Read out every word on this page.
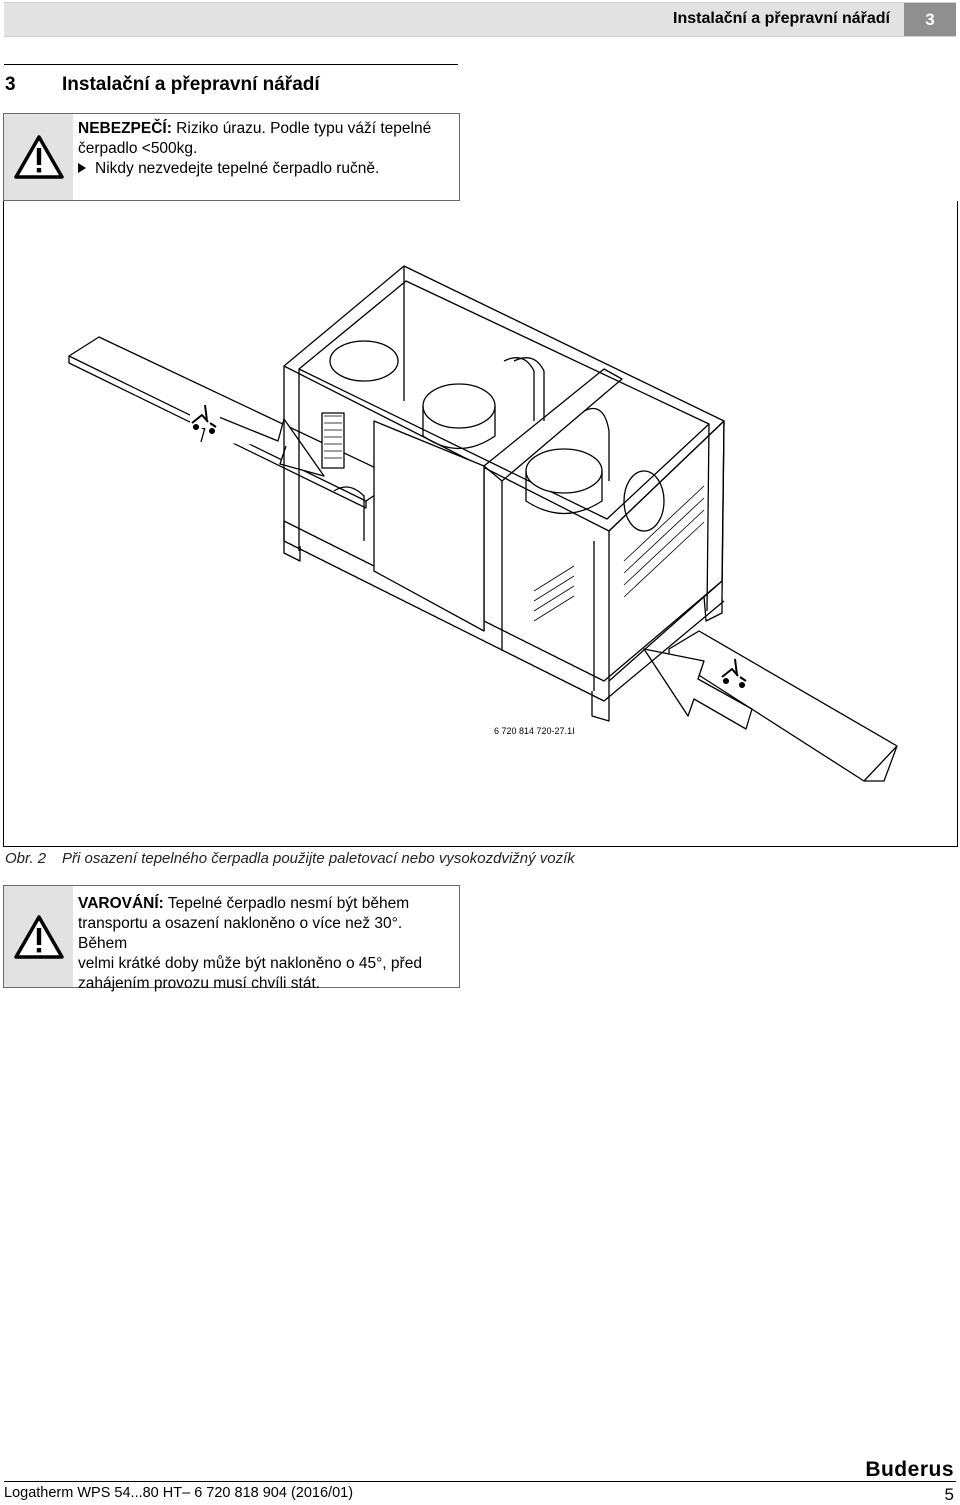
Instalační a přepravní nářadí	3
3 Instalační a přepravní nářadí
NEBEZPEČÍ: Riziko úrazu. Podle typu váží tepelné
čerpadlo <500kg.
Nikdy nezvedejte tepelné čerpadlo ručně.
6 720 814 720-27.1I
Obr. 2 Při osazení tepelného čerpadla použijte paletovací nebo vysokozdvižný vozík
VAROVÁNÍ: Tepelné čerpadlo nesmí být během
transportu a osazení nakloněno o více než 30°. Během
velmi krátké doby může být nakloněno o 45°, před
zahájením provozu musí chvíli stát.
Buderus
Logatherm WPS 54...80 HT– 6 720 818 904 (2016/01)	5
